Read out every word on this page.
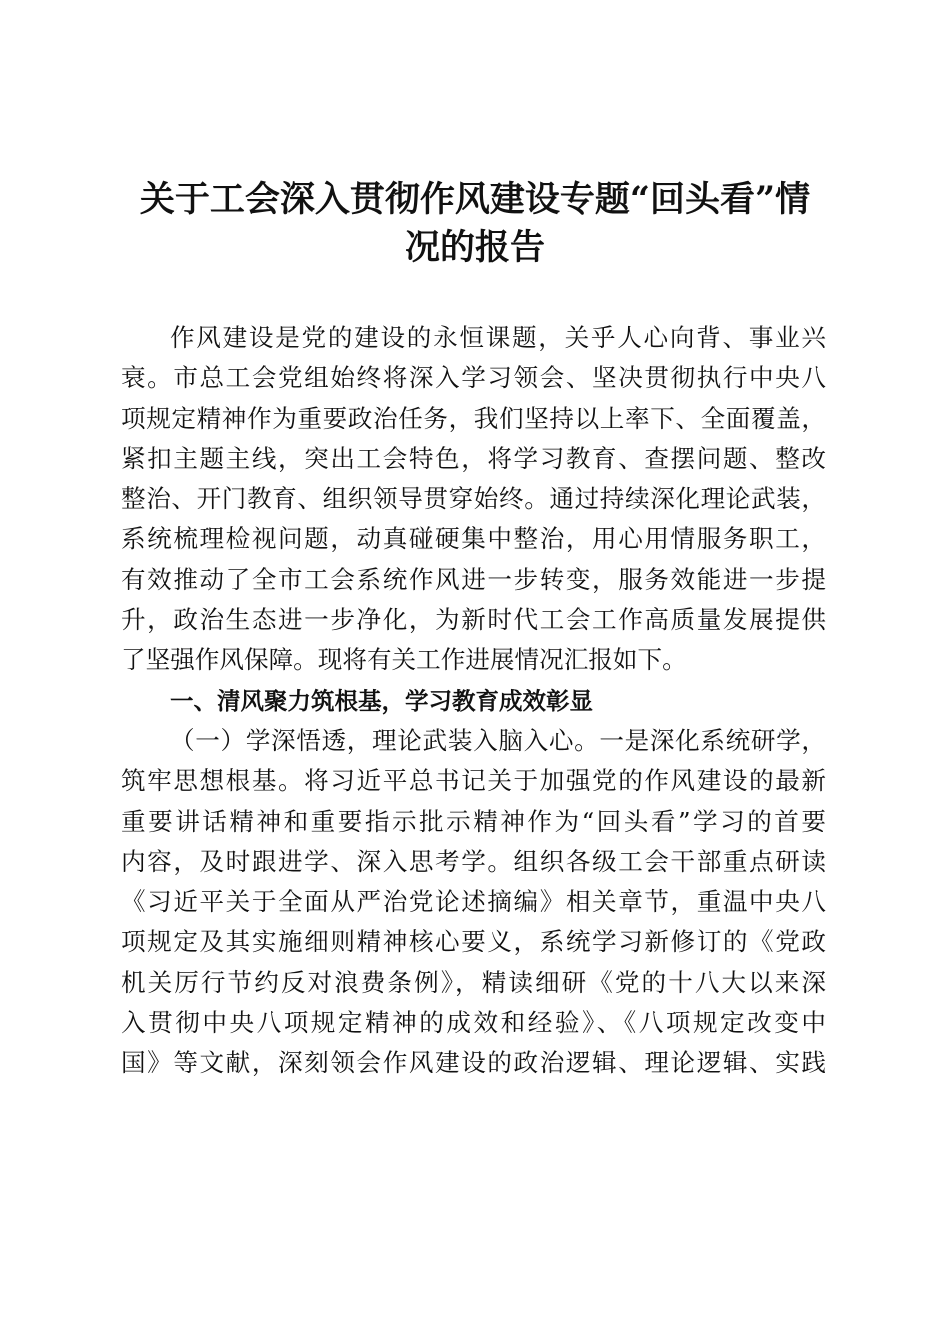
关于工会深入贯彻作风建设专题“回头看”情
况的报告
作风建设是党的建设的永恒课题，关乎人心向背、事业兴
衰。市总工会党组始终将深入学习领会、坚决贯彻执行中央八
项规定精神作为重要政治任务，我们坚持以上率下、全面覆盖，
紧扣主题主线，突出工会特色，将学习教育、查摆问题、整改
整治、开门教育、组织领导贯穿始终。通过持续深化理论武装，
系统梳理检视问题，动真碰硬集中整治，用心用情服务职工，
有效推动了全市工会系统作风进一步转变，服务效能进一步提
升，政治生态进一步净化，为新时代工会工作高质量发展提供
了坚强作风保障。现将有关工作进展情况汇报如下。
一、清风聚力筑根基，学习教育成效彰显
（一）学深悟透，理论武装入脑入心。一是深化系统研学，
筑牢思想根基。将习近平总书记关于加强党的作风建设的最新
重要讲话精神和重要指示批示精神作为“回头看”学习的首要
内容，及时跟进学、深入思考学。组织各级工会干部重点研读
《习近平关于全面从严治党论述摘编》相关章节，重温中央八
项规定及其实施细则精神核心要义，系统学习新修订的《党政
机关厉行节约反对浪费条例》，精读细研《党的十八大以来深
入贯彻中央八项规定精神的成效和经验》、《八项规定改变中
国》等文献，深刻领会作风建设的政治逻辑、理论逻辑、实践
